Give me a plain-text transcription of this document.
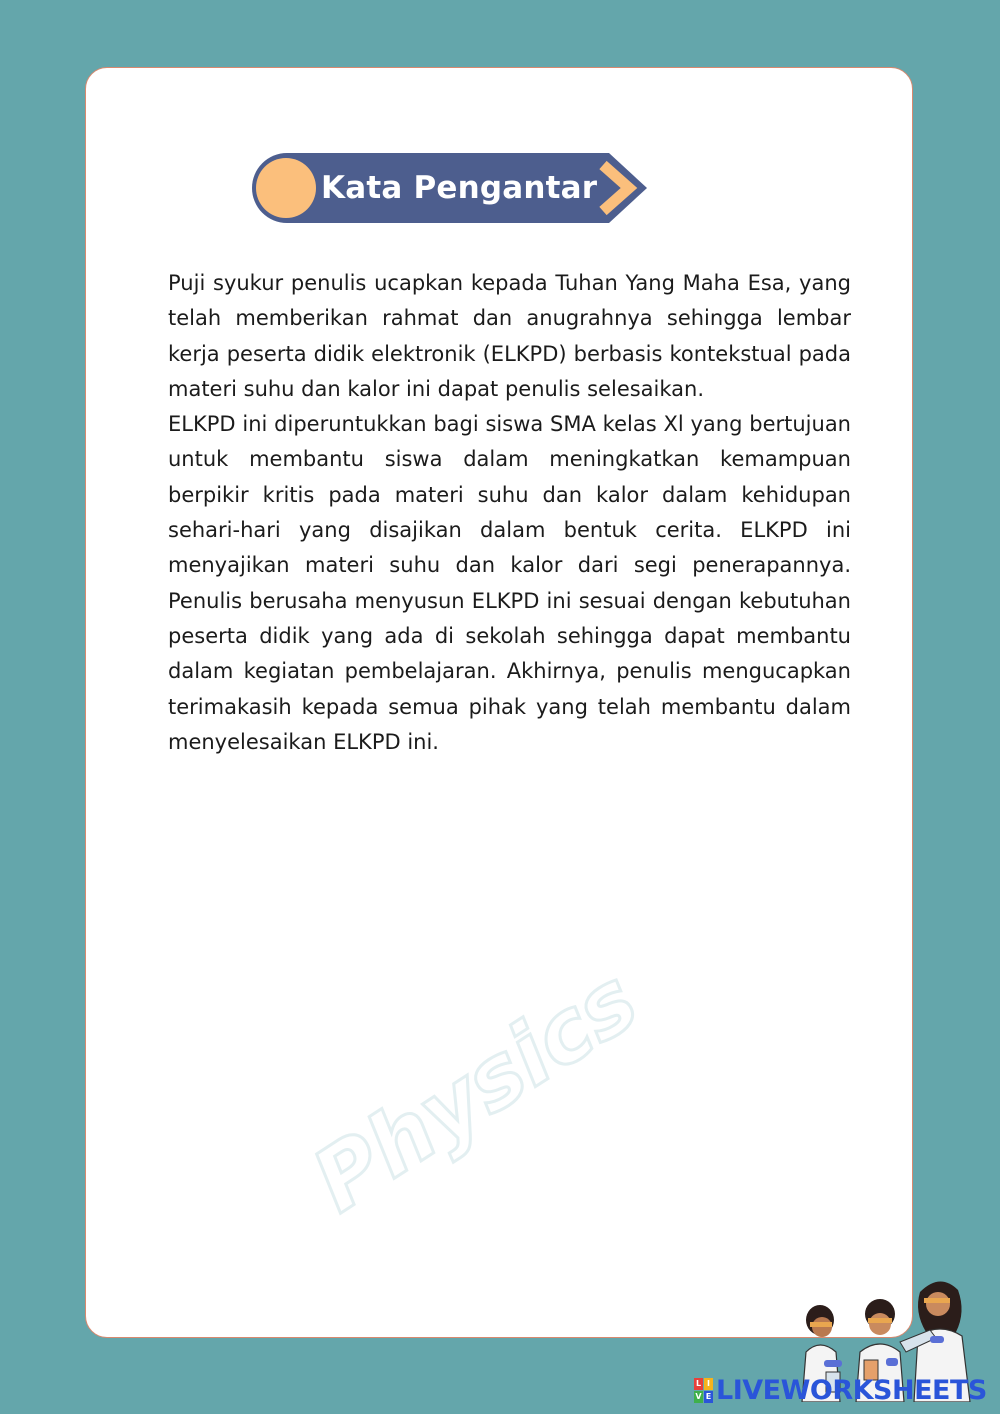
Kata Pengantar

Puji syukur penulis ucapkan kepada Tuhan Yang Maha Esa, yang telah memberikan rahmat dan anugrahnya sehingga lembar kerja peserta didik elektronik (ELKPD) berbasis kontekstual pada materi suhu dan kalor ini dapat penulis selesaikan.

ELKPD ini diperuntukkan bagi siswa SMA kelas Xl yang bertujuan untuk membantu siswa dalam meningkatkan kemampuan berpikir kritis pada materi suhu dan kalor dalam kehidupan sehari-hari yang disajikan dalam bentuk cerita. ELKPD ini menyajikan materi suhu dan kalor dari segi penerapannya. Penulis berusaha menyusun ELKPD ini sesuai dengan kebutuhan peserta didik yang ada di sekolah sehingga dapat membantu dalam kegiatan pembelajaran. Akhirnya, penulis mengucapkan terimakasih kepada semua pihak yang telah membantu dalam menyelesaikan ELKPD ini.

Physics
L I
V E LIVEWORKSHEETS
